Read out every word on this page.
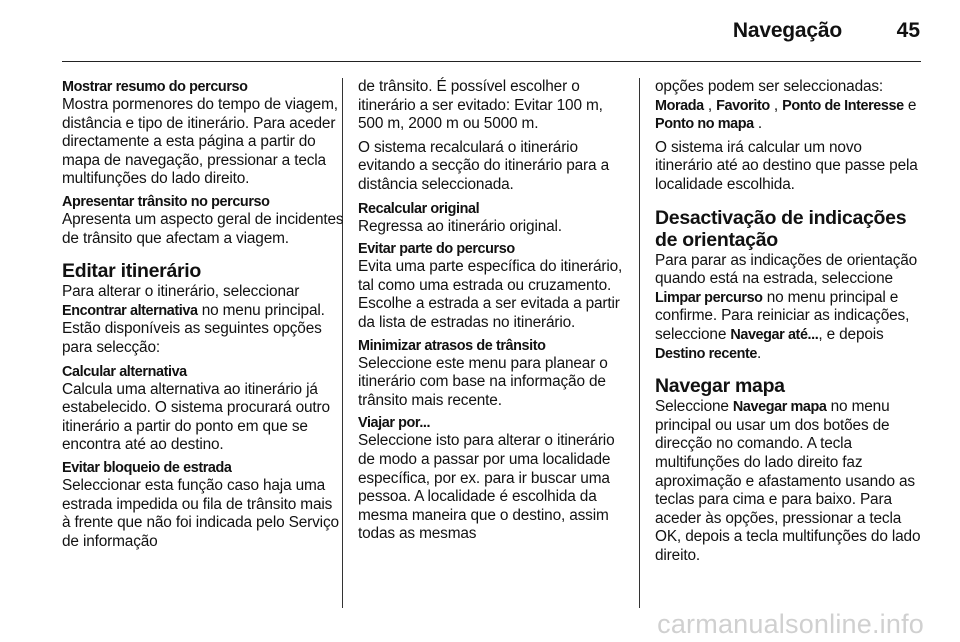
Navegação	45
Mostrar resumo do percurso
Mostra pormenores do tempo de viagem, distância e tipo de itinerário. Para aceder directamente a esta página a partir do mapa de navegação, pressionar a tecla multifunções do lado direito.
Apresentar trânsito no percurso
Apresenta um aspecto geral de incidentes de trânsito que afectam a viagem.
Editar itinerário
Para alterar o itinerário, seleccionar Encontrar alternativa no menu principal. Estão disponíveis as seguintes opções para selecção:
Calcular alternativa
Calcula uma alternativa ao itinerário já estabelecido. O sistema procurará outro itinerário a partir do ponto em que se encontra até ao destino.
Evitar bloqueio de estrada
Seleccionar esta função caso haja uma estrada impedida ou fila de trânsito mais à frente que não foi indicada pelo Serviço de informação
de trânsito. É possível escolher o itinerário a ser evitado: Evitar 100 m, 500 m, 2000 m ou 5000 m.
O sistema recalculará o itinerário evitando a secção do itinerário para a distância seleccionada.
Recalcular original
Regressa ao itinerário original.
Evitar parte do percurso
Evita uma parte específica do itinerário, tal como uma estrada ou cruzamento. Escolhe a estrada a ser evitada a partir da lista de estradas no itinerário.
Minimizar atrasos de trânsito
Seleccione este menu para planear o itinerário com base na informação de trânsito mais recente.
Viajar por...
Seleccione isto para alterar o itinerário de modo a passar por uma localidade específica, por ex. para ir buscar uma pessoa. A localidade é escolhida da mesma maneira que o destino, assim todas as mesmas
opções podem ser seleccionadas: Morada , Favorito , Ponto de Interesse e Ponto no mapa .
O sistema irá calcular um novo itinerário até ao destino que passe pela localidade escolhida.
Desactivação de indicações de orientação
Para parar as indicações de orientação quando está na estrada, seleccione Limpar percurso no menu principal e confirme. Para reiniciar as indicações, seleccione Navegar até..., e depois Destino recente.
Navegar mapa
Seleccione Navegar mapa no menu principal ou usar um dos botões de direcção no comando. A tecla multifunções do lado direito faz aproximação e afastamento usando as teclas para cima e para baixo. Para aceder às opções, pressionar a tecla OK, depois a tecla multifunções do lado direito.
carmanualsonline.info
